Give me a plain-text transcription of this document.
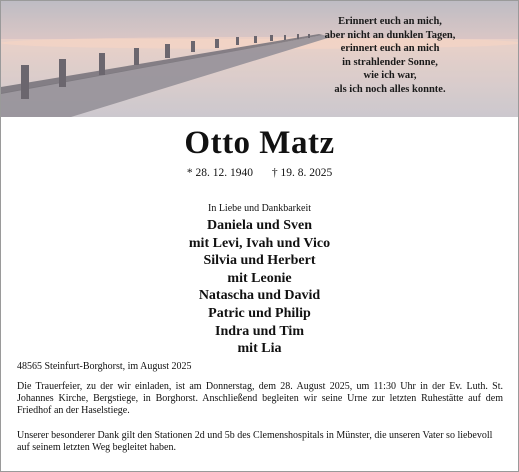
Erinnert euch an mich,
aber nicht an dunklen Tagen,
erinnert euch an mich
in strahlender Sonne,
wie ich war,
als ich noch alles konnte.
Otto Matz
* 28. 12. 1940 † 19. 8. 2025
In Liebe und Dankbarkeit
Daniela und Sven
mit Levi, Ivah und Vico
Silvia und Herbert
mit Leonie
Natascha und David
Patric und Philip
Indra und Tim
mit Lia
48565 Steinfurt-Borghorst, im August 2025
Die Trauerfeier, zu der wir einladen, ist am Donnerstag, dem 28. August 2025, um 11:30 Uhr in der Ev. Luth. St. Johannes Kirche, Bergstiege, in Borghorst. Anschließend begleiten wir seine Urne zur letzten Ruhestätte auf dem Friedhof an der Haselstiege.
Unserer besonderer Dank gilt den Stationen 2d und 5b des Clemenshospitals in Münster, die unseren Vater so liebevoll auf seinem letzten Weg begleitet haben.
